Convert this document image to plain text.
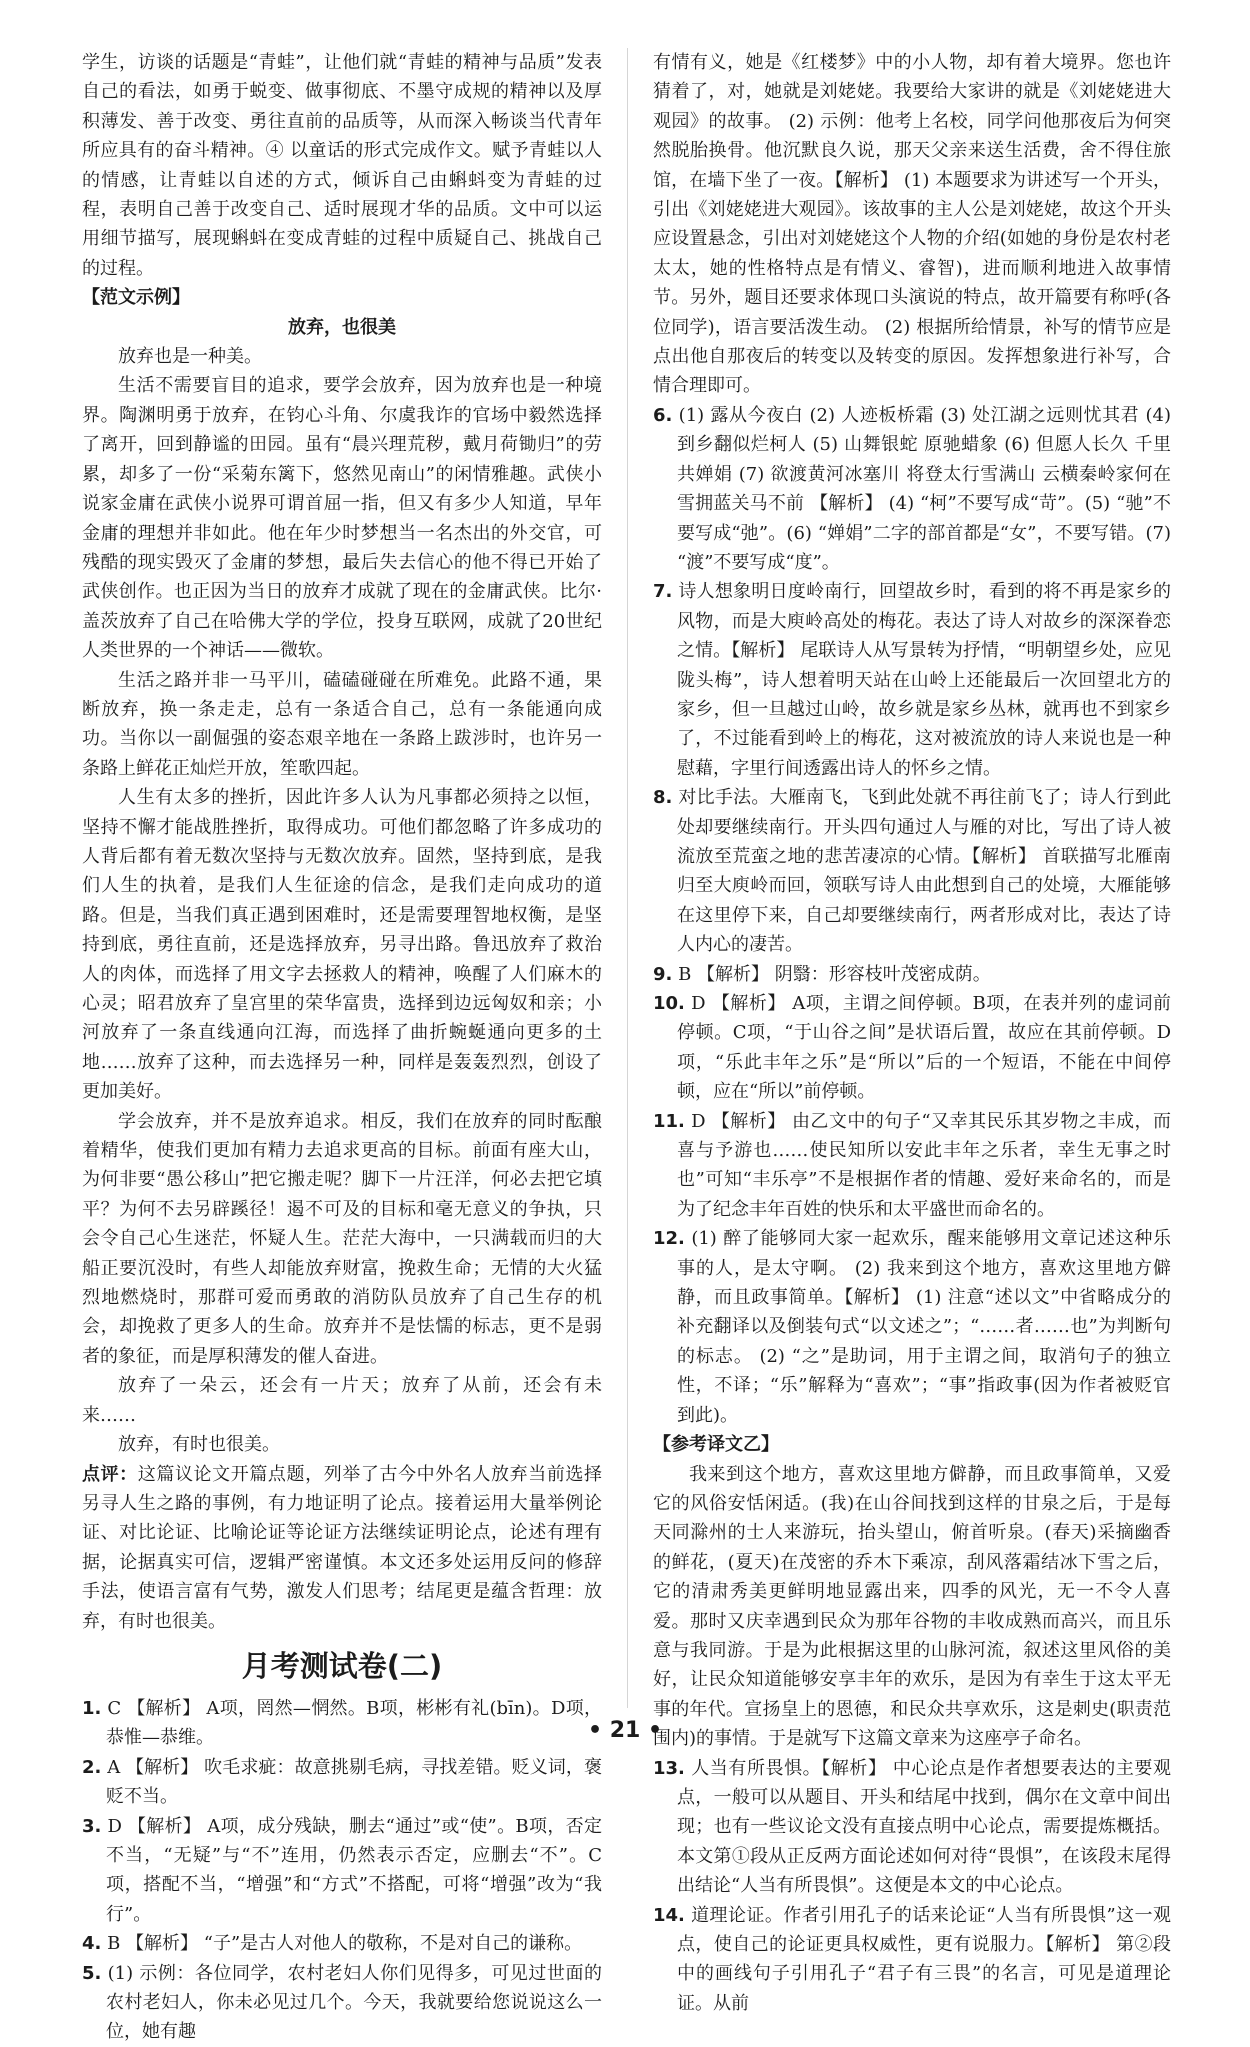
学生，访谈的话题是“青蛙”，让他们就“青蛙的精神与品质”发表自己的看法，如勇于蜕变、做事彻底、不墨守成规的精神以及厚积薄发、善于改变、勇往直前的品质等，从而深入畅谈当代青年所应具有的奋斗精神。④ 以童话的形式完成作文。赋予青蛙以人的情感，让青蛙以自述的方式，倾诉自己由蝌蚪变为青蛙的过程，表明自己善于改变自己、适时展现才华的品质。文中可以运用细节描写，展现蝌蚪在变成青蛙的过程中质疑自己、挑战自己的过程。

【范文示例】

放弃，也很美

放弃也是一种美。

生活不需要盲目的追求，要学会放弃，因为放弃也是一种境界。陶渊明勇于放弃，在钧心斗角、尔虞我诈的官场中毅然选择了离开，回到静谧的田园。虽有“晨兴理荒秽，戴月荷锄归”的劳累，却多了一份“采菊东篱下，悠然见南山”的闲情雅趣。武侠小说家金庸在武侠小说界可谓首屈一指，但又有多少人知道，早年金庸的理想并非如此。他在年少时梦想当一名杰出的外交官，可残酷的现实毁灭了金庸的梦想，最后失去信心的他不得已开始了武侠创作。也正因为当日的放弃才成就了现在的金庸武侠。比尔·盖茨放弃了自己在哈佛大学的学位，投身互联网，成就了20世纪人类世界的一个神话——微软。

生活之路并非一马平川，磕磕碰碰在所难免。此路不通，果断放弃，换一条走走，总有一条适合自己，总有一条能通向成功。当你以一副倔强的姿态艰辛地在一条路上跋涉时，也许另一条路上鲜花正灿烂开放，笙歌四起。

人生有太多的挫折，因此许多人认为凡事都必须持之以恒，坚持不懈才能战胜挫折，取得成功。可他们都忽略了许多成功的人背后都有着无数次坚持与无数次放弃。固然，坚持到底，是我们人生的执着，是我们人生征途的信念，是我们走向成功的道路。但是，当我们真正遇到困难时，还是需要理智地权衡，是坚持到底，勇往直前，还是选择放弃，另寻出路。鲁迅放弃了救治人的肉体，而选择了用文字去拯救人的精神，唤醒了人们麻木的心灵；昭君放弃了皇宫里的荣华富贵，选择到边远匈奴和亲；小河放弃了一条直线通向江海，而选择了曲折蜿蜒通向更多的土地……放弃了这种，而去选择另一种，同样是轰轰烈烈，创设了更加美好。

学会放弃，并不是放弃追求。相反，我们在放弃的同时酝酿着精华，使我们更加有精力去追求更高的目标。前面有座大山，为何非要“愚公移山”把它搬走呢？脚下一片汪洋，何必去把它填平？为何不去另辟蹊径！遏不可及的目标和毫无意义的争执，只会令自己心生迷茫，怀疑人生。茫茫大海中，一只满载而归的大船正要沉没时，有些人却能放弃财富，挽救生命；无情的大火猛烈地燃烧时，那群可爱而勇敢的消防队员放弃了自己生存的机会，却挽救了更多人的生命。放弃并不是怯懦的标志，更不是弱者的象征，而是厚积薄发的催人奋进。

放弃了一朵云，还会有一片天；放弃了从前，还会有未来……

放弃，有时也很美。

点评：这篇议论文开篇点题，列举了古今中外名人放弃当前选择另寻人生之路的事例，有力地证明了论点。接着运用大量举例论证、对比论证、比喻论证等论证方法继续证明论点，论述有理有据，论据真实可信，逻辑严密谨慎。本文还多处运用反问的修辞手法，使语言富有气势，激发人们思考；结尾更是蕴含哲理：放弃，有时也很美。

月考测试卷(二)

1. C 【解析】 A项，罔然—惘然。B项，彬彬有礼(bīn)。D项，恭惟—恭维。

2. A 【解析】 吹毛求疵：故意挑剔毛病，寻找差错。贬义词，褒贬不当。

3. D 【解析】 A项，成分残缺，删去“通过”或“使”。B项，否定不当，“无疑”与“不”连用，仍然表示否定，应删去“不”。C项，搭配不当，“增强”和“方式”不搭配，可将“增强”改为“我行”。

4. B 【解析】 “子”是古人对他人的敬称，不是对自己的谦称。

5. (1) 示例：各位同学，农村老妇人你们见得多，可见过世面的农村老妇人，你未必见过几个。今天，我就要给您说说这么一位，她有趣

有情有义，她是《红楼梦》中的小人物，却有着大境界。您也许猜着了，对，她就是刘姥姥。我要给大家讲的就是《刘姥姥进大观园》的故事。 (2) 示例：他考上名校，同学问他那夜后为何突然脱胎换骨。他沉默良久说，那天父亲来送生活费，舍不得住旅馆，在墙下坐了一夜。【解析】 (1) 本题要求为讲述写一个开头，引出《刘姥姥进大观园》。该故事的主人公是刘姥姥，故这个开头应设置悬念，引出对刘姥姥这个人物的介绍(如她的身份是农村老太太，她的性格特点是有情义、睿智)，进而顺利地进入故事情节。另外，题目还要求体现口头演说的特点，故开篇要有称呼(各位同学)，语言要活泼生动。 (2) 根据所给情景，补写的情节应是点出他自那夜后的转变以及转变的原因。发挥想象进行补写，合情合理即可。

6. (1) 露从今夜白 (2) 人迹板桥霜 (3) 处江湖之远则忧其君 (4) 到乡翻似烂柯人 (5) 山舞银蛇 原驰蜡象 (6) 但愿人长久 千里共婵娟 (7) 欲渡黄河冰塞川 将登太行雪满山 云横秦岭家何在 雪拥蓝关马不前 【解析】 (4) “柯”不要写成“苛”。(5) “驰”不要写成“弛”。(6) “婵娟”二字的部首都是“女”，不要写错。(7) “渡”不要写成“度”。

7. 诗人想象明日度岭南行，回望故乡时，看到的将不再是家乡的风物，而是大庾岭高处的梅花。表达了诗人对故乡的深深眷恋之情。【解析】 尾联诗人从写景转为抒情，“明朝望乡处，应见陇头梅”，诗人想着明天站在山岭上还能最后一次回望北方的家乡，但一旦越过山岭，故乡就是家乡丛林，就再也不到家乡了，不过能看到岭上的梅花，这对被流放的诗人来说也是一种慰藉，字里行间透露出诗人的怀乡之情。

8. 对比手法。大雁南飞，飞到此处就不再往前飞了；诗人行到此处却要继续南行。开头四句通过人与雁的对比，写出了诗人被流放至荒蛮之地的悲苦凄凉的心情。【解析】 首联描写北雁南归至大庾岭而回，领联写诗人由此想到自己的处境，大雁能够在这里停下来，自己却要继续南行，两者形成对比，表达了诗人内心的凄苦。

9. B 【解析】 阴翳：形容枝叶茂密成荫。

10. D 【解析】 A项，主谓之间停顿。B项，在表并列的虚词前停顿。C项，“于山谷之间”是状语后置，故应在其前停顿。D项，“乐此丰年之乐”是“所以”后的一个短语，不能在中间停顿，应在“所以”前停顿。

11. D 【解析】 由乙文中的句子“又幸其民乐其岁物之丰成，而喜与予游也……使民知所以安此丰年之乐者，幸生无事之时也”可知“丰乐亭”不是根据作者的情趣、爱好来命名的，而是为了纪念丰年百姓的快乐和太平盛世而命名的。

12. (1) 醉了能够同大家一起欢乐，醒来能够用文章记述这种乐事的人，是太守啊。 (2) 我来到这个地方，喜欢这里地方僻静，而且政事简单。【解析】 (1) 注意“述以文”中省略成分的补充翻译以及倒装句式“以文述之”；“……者……也”为判断句的标志。 (2) “之”是助词，用于主谓之间，取消句子的独立性，不译；“乐”解释为“喜欢”；“事”指政事(因为作者被贬官到此)。

【参考译文乙】

我来到这个地方，喜欢这里地方僻静，而且政事简单，又爱它的风俗安恬闲适。(我)在山谷间找到这样的甘泉之后，于是每天同滁州的士人来游玩，抬头望山，俯首听泉。(春天)采摘幽香的鲜花，(夏天)在茂密的乔木下乘凉，刮风落霜结冰下雪之后，它的清肃秀美更鲜明地显露出来，四季的风光，无一不令人喜爱。那时又庆幸遇到民众为那年谷物的丰收成熟而高兴，而且乐意与我同游。于是为此根据这里的山脉河流，叙述这里风俗的美好，让民众知道能够安享丰年的欢乐，是因为有幸生于这太平无事的年代。宣扬皇上的恩德，和民众共享欢乐，这是刺史(职责范围内)的事情。于是就写下这篇文章来为这座亭子命名。

13. 人当有所畏惧。【解析】 中心论点是作者想要表达的主要观点，一般可以从题目、开头和结尾中找到，偶尔在文章中间出现；也有一些议论文没有直接点明中心论点，需要提炼概括。本文第①段从正反两方面论述如何对待“畏惧”，在该段末尾得出结论“人当有所畏惧”。这便是本文的中心论点。

14. 道理论证。作者引用孔子的话来论证“人当有所畏惧”这一观点，使自己的论证更具权威性，更有说服力。【解析】 第②段中的画线句子引用孔子“君子有三畏”的名言，可见是道理论证。从前

• 21 •
